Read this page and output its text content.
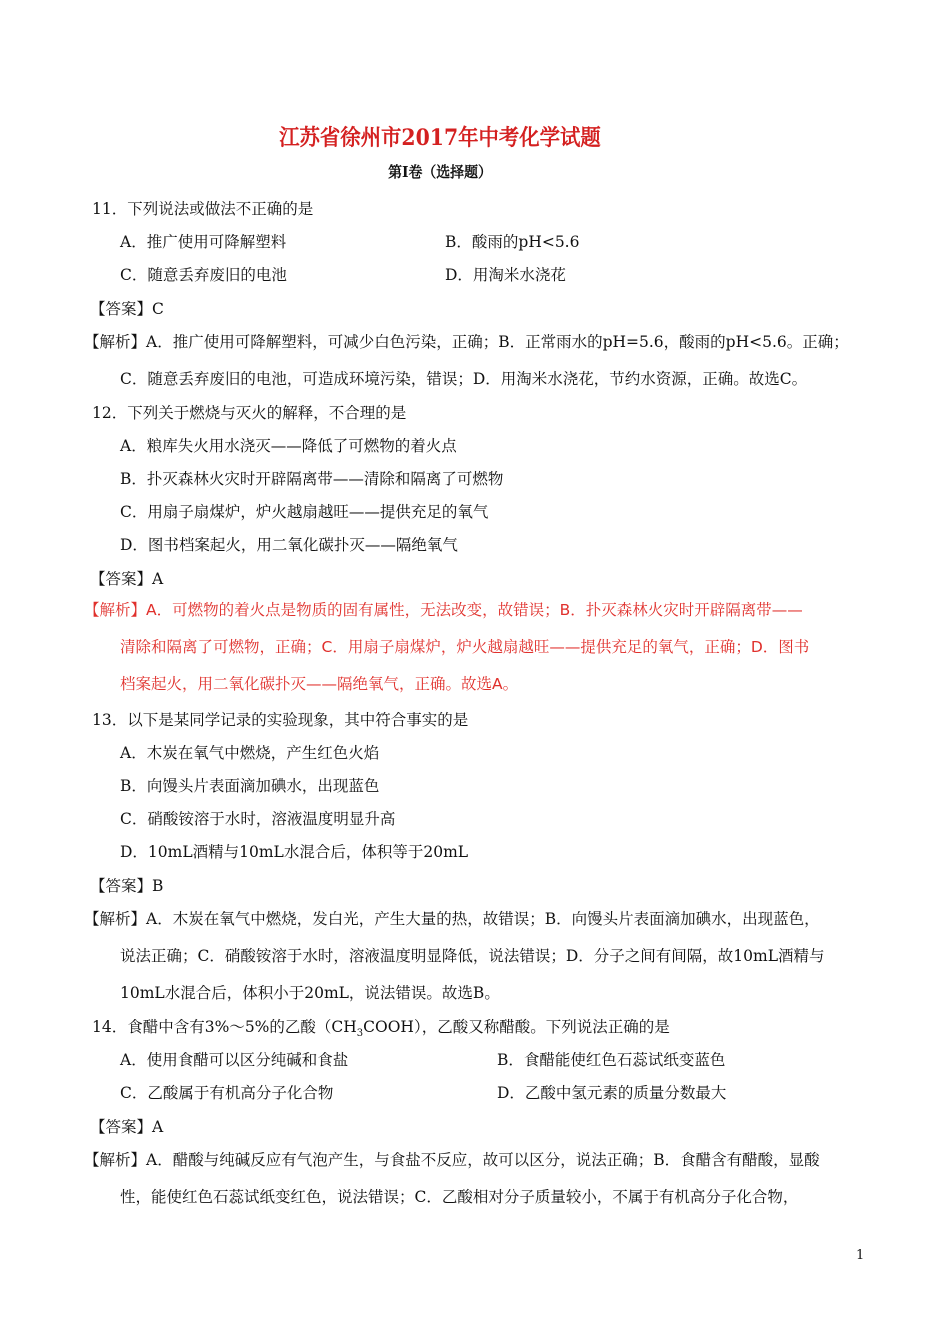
江苏省徐州市2017年中考化学试题
第Ⅰ卷（选择题）
11．下列说法或做法不正确的是
A．推广使用可降解塑料	B．酸雨的pH<5.6
C．随意丢弃废旧的电池	D．用淘米水浇花
【答案】C
【解析】A．推广使用可降解塑料，可减少白色污染，正确；B．正常雨水的pH=5.6，酸雨的pH<5.6。正确；
C．随意丢弃废旧的电池，可造成环境污染，错误；D．用淘米水浇花，节约水资源，正确。故选C。
12．下列关于燃烧与灭火的解释，不合理的是
A．粮库失火用水浇灭——降低了可燃物的着火点
B．扑灭森林火灾时开辟隔离带——清除和隔离了可燃物
C．用扇子扇煤炉，炉火越扇越旺——提供充足的氧气
D．图书档案起火，用二氧化碳扑灭——隔绝氧气
【答案】A
【解析】A．可燃物的着火点是物质的固有属性，无法改变，故错误；B．扑灭森林火灾时开辟隔离带——
清除和隔离了可燃物，正确；C．用扇子扇煤炉，炉火越扇越旺——提供充足的氧气，正确；D．图书
档案起火，用二氧化碳扑灭——隔绝氧气，正确。故选A。
13．以下是某同学记录的实验现象，其中符合事实的是
A．木炭在氧气中燃烧，产生红色火焰
B．向馒头片表面滴加碘水，出现蓝色
C．硝酸铵溶于水时，溶液温度明显升高
D．10mL酒精与10mL水混合后，体积等于20mL
【答案】B
【解析】A．木炭在氧气中燃烧，发白光，产生大量的热，故错误；B．向馒头片表面滴加碘水，出现蓝色，
说法正确；C．硝酸铵溶于水时，溶液温度明显降低，说法错误；D．分子之间有间隔，故10mL酒精与
10mL水混合后，体积小于20mL，说法错误。故选B。
14．食醋中含有3%～5%的乙酸$(CH_3COOH)$，乙酸又称醋酸。下列说法正确的是
A．使用食醋可以区分纯碱和食盐	B．食醋能使红色石蕊试纸变蓝色
C．乙酸属于有机高分子化合物	D．乙酸中氢元素的质量分数最大
【答案】A
【解析】A．醋酸与纯碱反应有气泡产生，与食盐不反应，故可以区分，说法正确；B．食醋含有醋酸，显酸
性，能使红色石蕊试纸变红色，说法错误；C．乙酸相对分子质量较小，不属于有机高分子化合物，
1
